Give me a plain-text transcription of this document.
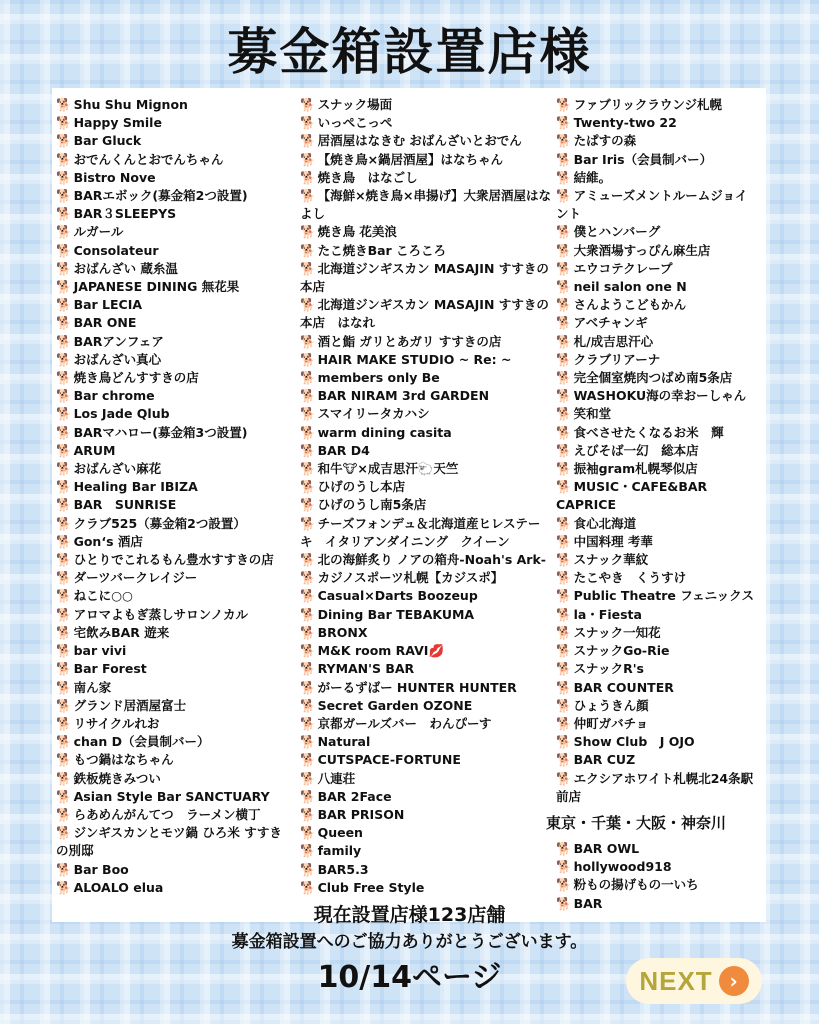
募金箱設置店様
🐕 Shu Shu Mignon
🐕 Happy Smile
🐕 Bar Gluck
🐕 おでんくんとおでんちゃん
🐕 Bistro Nove
🐕 BARエボック(募金箱2つ設置)
🐕 BAR３SLEEPYS
🐕 ルガール
🐕 Consolateur
🐕 おばんざい 蔵糸温
🐕 JAPANESE DINING 無花果
🐕 Bar LECIA
🐕 BAR ONE
🐕 BARアンフェア
🐕 おばんざい真心
🐕 焼き鳥どんすすきの店
🐕 Bar chrome
🐕 Los Jade Qlub
🐕 BARマハロー(募金箱3つ設置)
🐕 ARUM
🐕 おばんざい麻花
🐕 Healing Bar IBIZA
🐕 BAR　SUNRISE
🐕 クラブ525（募金箱2つ設置）
🐕 Gon‘s 酒店
🐕 ひとりでこれるもん豊水すすきの店
🐕 ダーツバークレイジー
🐕 ねこに○○
🐕 アロマよもぎ蒸しサロンノカル
🐕 宅飲みBAR 遊来
🐕 bar vivi
🐕 Bar Forest
🐕 南ん家
🐕 グランド居酒屋富士
🐕 リサイクルれお
🐕 chan D（会員制バー）
🐕 もつ鍋はなちゃん
🐕 鉄板焼きみつい
🐕 Asian Style Bar SANCTUARY
🐕 らあめんがんてつ　ラーメン横丁
🐕 ジンギスカンとモツ鍋 ひろ米 すすきの別邸
🐕 Bar Boo
🐕 ALOALO elua
🐕 スナック場面
🐕 いっぺこっぺ
🐕 居酒屋はなきむ おばんざいとおでん
🐕 【焼き鳥×鍋居酒屋】はなちゃん
🐕 焼き鳥　はなごし
🐕 【海鮮×焼き鳥×串揚げ】大衆居酒屋はなよし
🐕 焼き鳥 花美浪
🐕 たこ焼きBar ころころ
🐕 北海道ジンギスカン MASAJIN すすきの本店
🐕 北海道ジンギスカン MASAJIN すすきの本店　はなれ
🐕 酒と鮨 ガリとあガリ すすきの店
🐕 HAIR MAKE STUDIO ~ Re: ~
🐕 members only Be
🐕 BAR NIRAM 3rd GARDEN
🐕 スマイリータカハシ
🐕 warm dining casita
🐕 BAR D4
🐕 和牛🐮×成吉思汗🐑天竺
🐕 ひげのうし本店
🐕 ひげのうし南5条店
🐕 チーズフォンデュ＆北海道産ヒレステーキ　イタリアンダイニング　クイーン
🐕 北の海鮮炙り ノアの箱舟-Noah's Ark-
🐕 カジノスポーツ札幌【カジスポ】
🐕 Casual×Darts Boozeup
🐕 Dining Bar TEBAKUMA
🐕 BRONX
🐕 M&K room RAVI💋
🐕 RYMAN'S BAR
🐕 がーるずばー HUNTER HUNTER
🐕 Secret Garden OZONE
🐕 京都ガールズバー　わんぴーす
🐕 Natural
🐕 CUTSPACE-FORTUNE
🐕 八連荘
🐕 BAR 2Face
🐕 BAR PRISON
🐕 Queen
🐕 family
🐕 BAR5.3
🐕 Club Free Style
🐕 ファブリックラウンジ札幌
🐕 Twenty-two 22
🐕 たぱすの森
🐕 Bar Iris（会員制バー）
🐕 結維。
🐕 アミューズメントルームジョイント
🐕 僕とハンバーグ
🐕 大衆酒場すっぴん麻生店
🐕 エウコテクレープ
🐕 neil salon one N
🐕 さんようこどもかん
🐕 アベチャンギ
🐕 札/成吉思汗心
🐕 クラブリアーナ
🐕 完全個室焼肉つばめ南5条店
🐕 WASHOKU海の幸おーしゃん
🐕 笑和堂
🐕 食べさせたくなるお米　輝
🐕 えびそば一幻　総本店
🐕 振袖gram札幌琴似店
🐕 MUSIC・CAFE&BAR CAPRICE
🐕 食心北海道
🐕 中国料理 考華
🐕 スナック華紋
🐕 たこやき　くうすけ
🐕 Public Theatre フェニックス
🐕 la・Fiesta
🐕 スナック一知花
🐕 スナックGo-Rie
🐕 スナックR's
🐕 BAR COUNTER
🐕 ひょうきん顔
🐕 仲町ガバチョ
🐕 Show Club　J OJO
🐕 BAR CUZ
🐕 エクシアホワイト札幌北24条駅前店
東京・千葉・大阪・神奈川
🐕 BAR OWL
🐕 hollywood918
🐕 粉もの揚げもの一いち
🐕 BAR
現在設置店様123店舗
募金箱設置へのご協力ありがとうございます。
10/14ページ	NEXT ›
